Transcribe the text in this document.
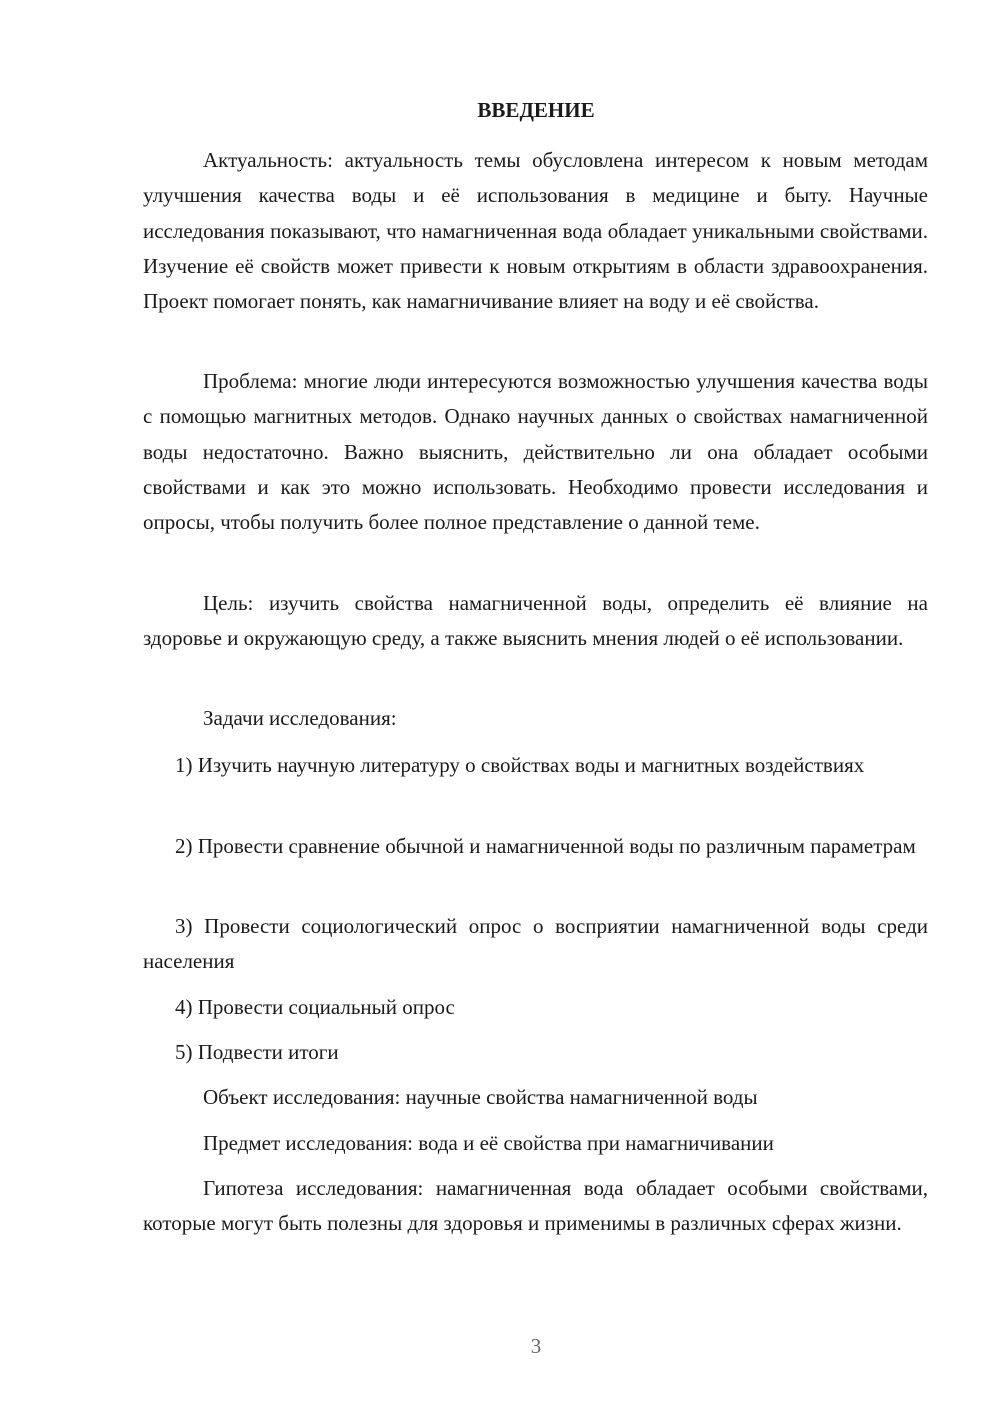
ВВЕДЕНИЕ

Актуальность: актуальность темы обусловлена интересом к новым методам улучшения качества воды и её использования в медицине и быту. Научные исследования показывают, что намагниченная вода обладает уникальными свойствами. Изучение её свойств может привести к новым открытиям в области здравоохранения. Проект помогает понять, как намагничивание влияет на воду и её свойства.

Проблема: многие люди интересуются возможностью улучшения качества воды с помощью магнитных методов. Однако научных данных о свойствах намагниченной воды недостаточно. Важно выяснить, действительно ли она обладает особыми свойствами и как это можно использовать. Необходимо провести исследования и опросы, чтобы получить более полное представление о данной теме.

Цель: изучить свойства намагниченной воды, определить её влияние на здоровье и окружающую среду, а также выяснить мнения людей о её использовании.

Задачи исследования:

1) Изучить научную литературу о свойствах воды и магнитных воздействиях

2) Провести сравнение обычной и намагниченной воды по различным параметрам

3) Провести социологический опрос о восприятии намагниченной воды среди населения

4) Провести социальный опрос

5) Подвести итоги

Объект исследования: научные свойства намагниченной воды

Предмет исследования: вода и её свойства при намагничивании

Гипотеза исследования: намагниченная вода обладает особыми свойствами, которые могут быть полезны для здоровья и применимы в различных сферах жизни.

3
